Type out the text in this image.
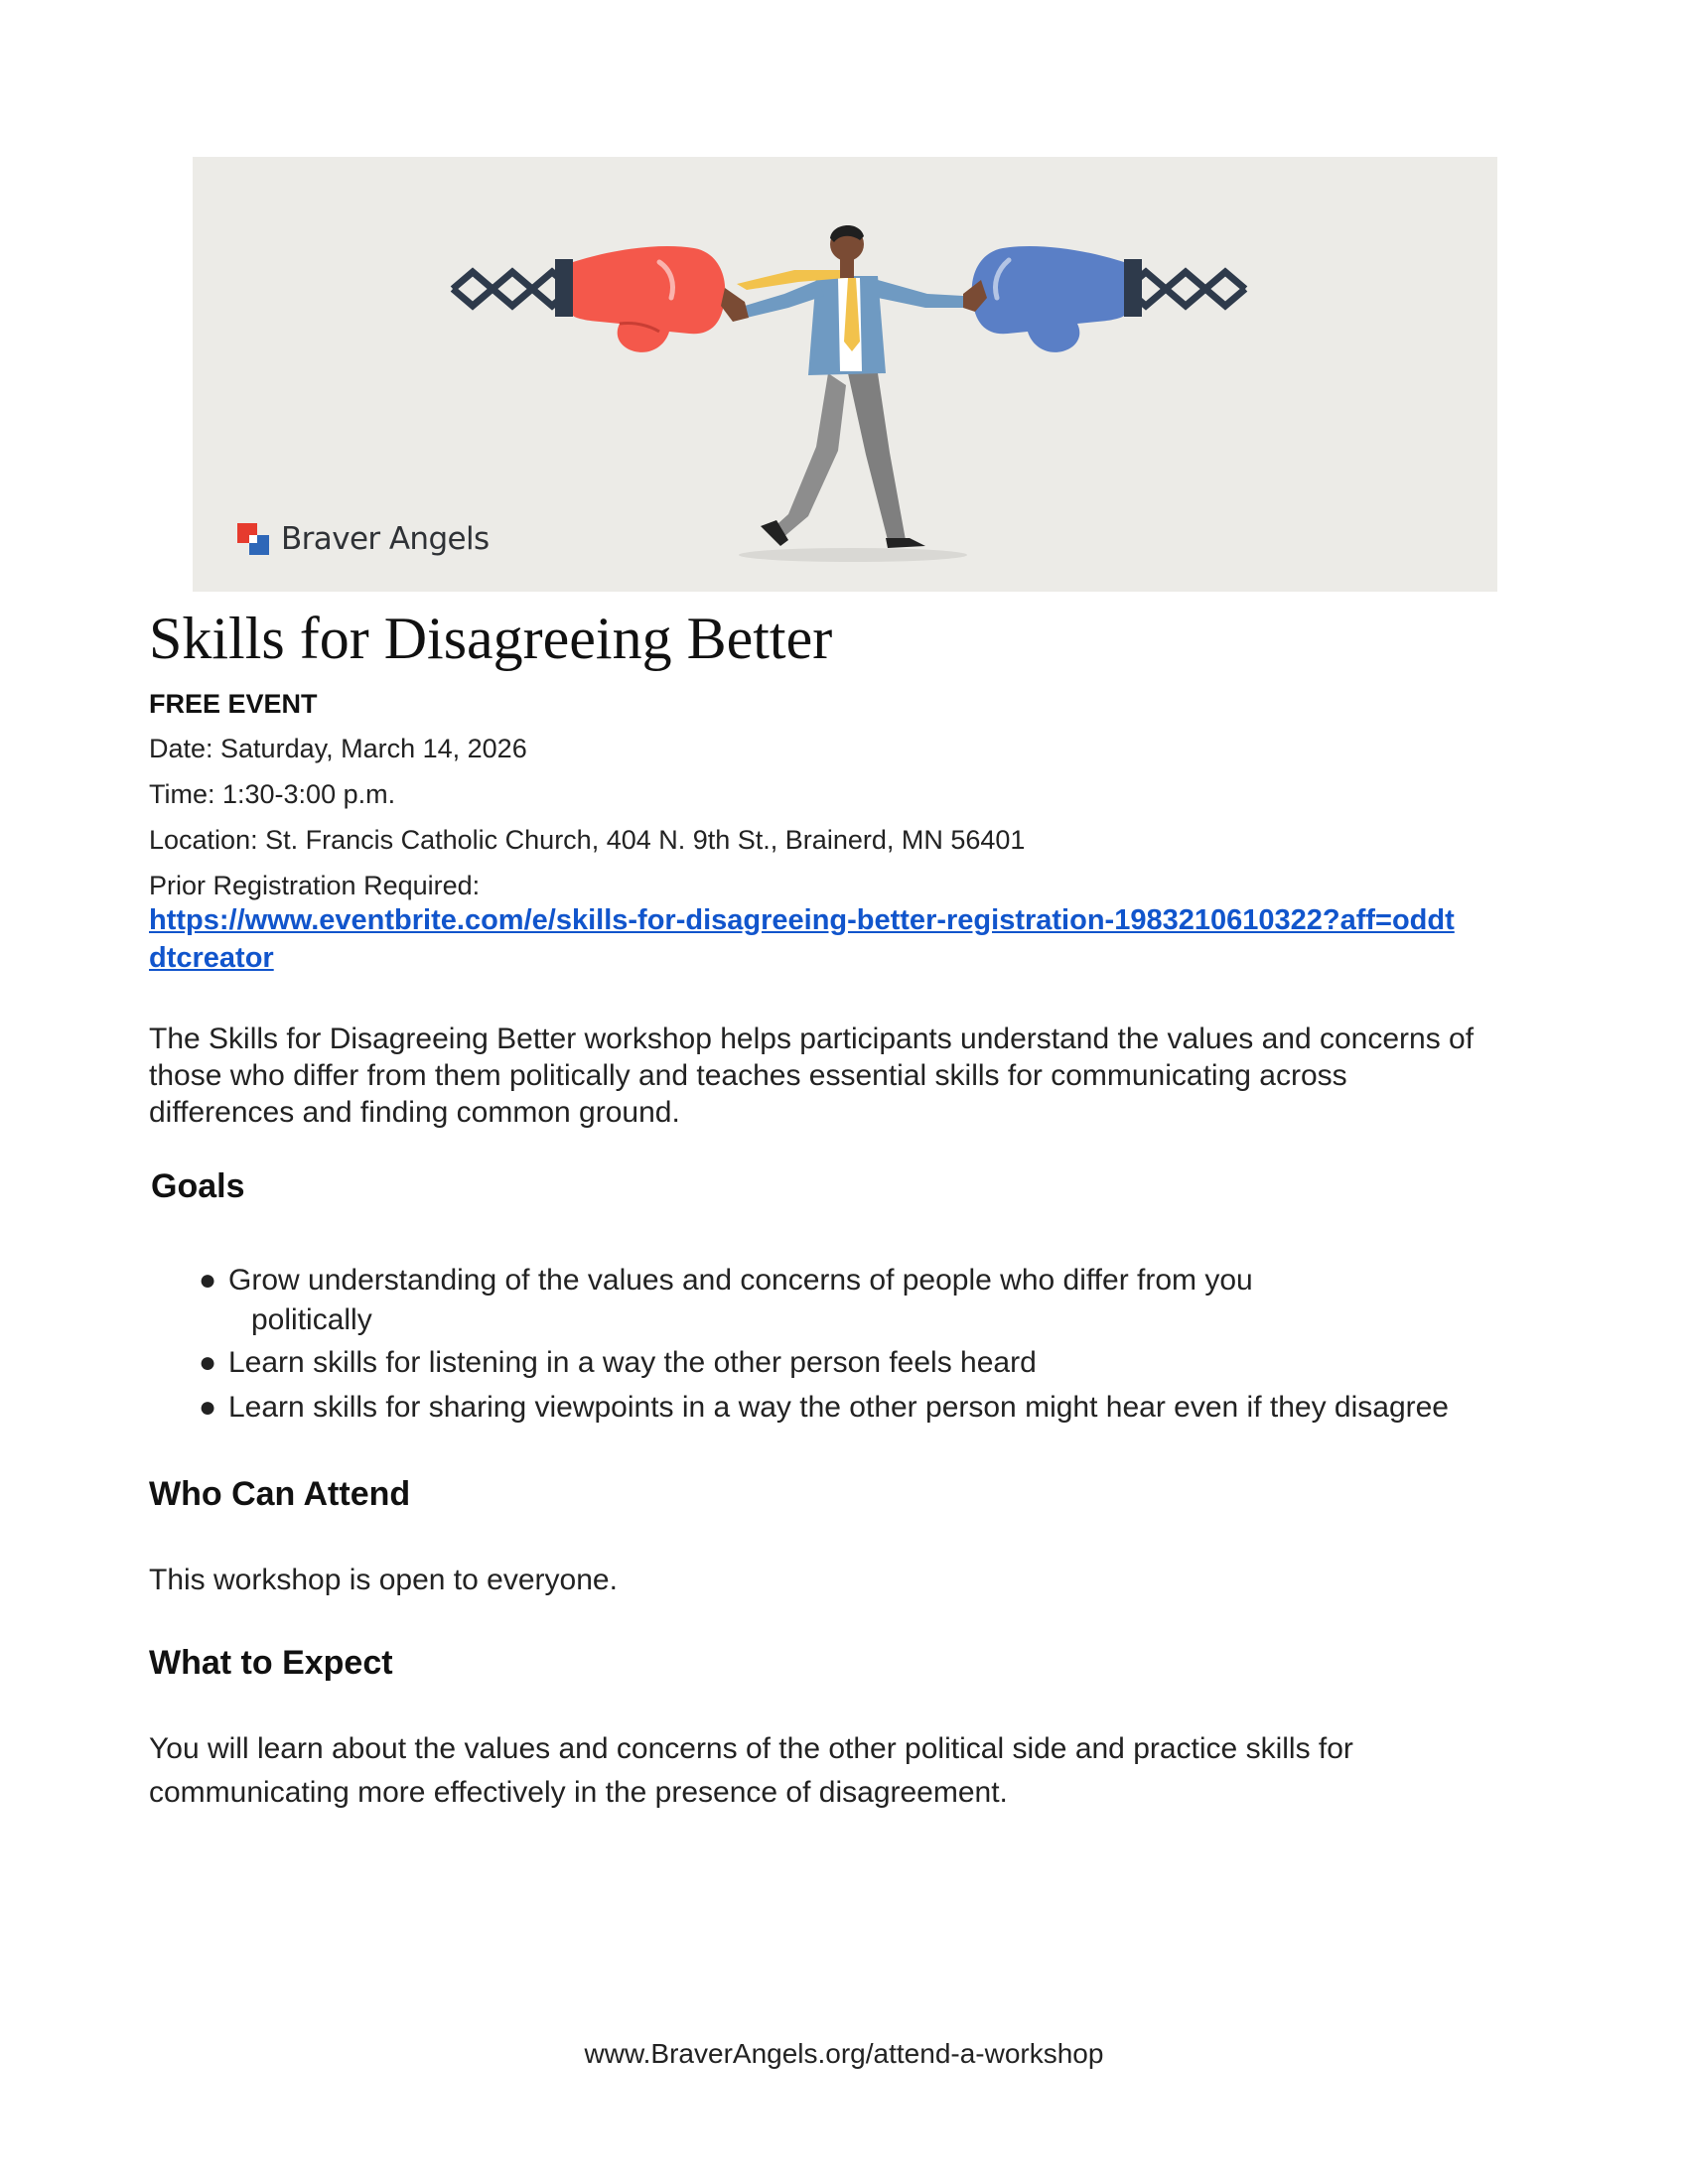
Braver Angels
Skills for Disagreeing Better
FREE EVENT
Date: Saturday, March 14, 2026
Time: 1:30-3:00 p.m.
Location: St. Francis Catholic Church, 404 N. 9th St., Brainerd, MN 56401
Prior Registration Required:
https://www.eventbrite.com/e/skills-for-disagreeing-better-registration-1983210610322?aff=oddt
dtcreator
The Skills for Disagreeing Better workshop helps participants understand the values and concerns of
those who differ from them politically and teaches essential skills for communicating across
differences and finding common ground.
Goals
● Grow understanding of the values and concerns of people who differ from you
politically
● Learn skills for listening in a way the other person feels heard
● Learn skills for sharing viewpoints in a way the other person might hear even if they disagree
Who Can Attend
This workshop is open to everyone.
What to Expect
You will learn about the values and concerns of the other political side and practice skills for
communicating more effectively in the presence of disagreement.
www.BraverAngels.org/attend-a-workshop
